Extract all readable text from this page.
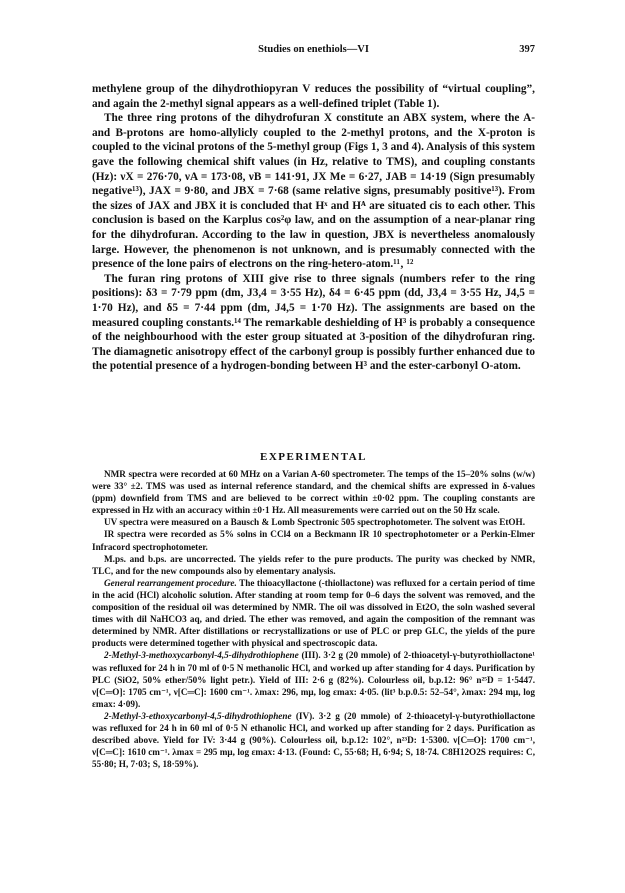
Studies on enethiols—VI	397

methylene group of the dihydrothiopyran V reduces the possibility of “virtual coupling”, and again the 2-methyl signal appears as a well-defined triplet (Table 1).

The three ring protons of the dihydrofuran X constitute an ABX system, where the A- and B-protons are homo-allylicly coupled to the 2-methyl protons, and the X-proton is coupled to the vicinal protons of the 5-methyl group (Figs 1, 3 and 4). Analysis of this system gave the following chemical shift values (in Hz, relative to TMS), and coupling constants (Hz): νX = 276·70, νA = 173·08, νB = 141·91, JX Me = 6·27, JAB = 14·19 (Sign presumably negative¹³), JAX = 9·80, and JBX = 7·68 (same relative signs, presumably positive¹³). From the sizes of JAX and JBX it is concluded that Hˣ and Hᴬ are situated cis to each other. This conclusion is based on the Karplus cos²φ law, and on the assumption of a near-planar ring for the dihydrofuran. According to the law in question, JBX is nevertheless anomalously large. However, the phenomenon is not unknown, and is presumably connected with the presence of the lone pairs of electrons on the ring-hetero-atom.¹¹‚ ¹²

The furan ring protons of XIII give rise to three signals (numbers refer to the ring positions): δ3 = 7·79 ppm (dm, J3,4 = 3·55 Hz), δ4 = 6·45 ppm (dd, J3,4 = 3·55 Hz, J4,5 = 1·70 Hz), and δ5 = 7·44 ppm (dm, J4,5 = 1·70 Hz). The assignments are based on the measured coupling constants.¹⁴ The remarkable deshielding of H³ is probably a consequence of the neighbourhood with the ester group situated at 3-position of the dihydrofuran ring. The diamagnetic anisotropy effect of the carbonyl group is possibly further enhanced due to the potential presence of a hydrogen-bonding between H³ and the ester-carbonyl O-atom.

EXPERIMENTAL

NMR spectra were recorded at 60 MHz on a Varian A-60 spectrometer. The temps of the 15–20% solns (w/w) were 33° ±2. TMS was used as internal reference standard, and the chemical shifts are expressed in δ-values (ppm) downfield from TMS and are believed to be correct within ±0·02 ppm. The coupling constants are expressed in Hz with an accuracy within ±0·1 Hz. All measurements were carried out on the 50 Hz scale.

UV spectra were measured on a Bausch & Lomb Spectronic 505 spectrophotometer. The solvent was EtOH.

IR spectra were recorded as 5% solns in CCl4 on a Beckmann IR 10 spectrophotometer or a Perkin-Elmer Infracord spectrophotometer.

M.ps. and b.ps. are uncorrected. The yields refer to the pure products. The purity was checked by NMR, TLC, and for the new compounds also by elementary analysis.

General rearrangement procedure. The thioacyllactone (-thiollactone) was refluxed for a certain period of time in the acid (HCl) alcoholic solution. After standing at room temp for 0–6 days the solvent was removed, and the composition of the residual oil was determined by NMR. The oil was dissolved in Et2O, the soln washed several times with dil NaHCO3 aq, and dried. The ether was removed, and again the composition of the remnant was determined by NMR. After distillations or recrystallizations or use of PLC or prep GLC, the yields of the pure products were determined together with physical and spectroscopic data.

2-Methyl-3-methoxycarbonyl-4,5-dihydrothiophene (III). 3·2 g (20 mmole) of 2-thioacetyl-γ-butyrothiollactone¹ was refluxed for 24 h in 70 ml of 0·5 N methanolic HCl, and worked up after standing for 4 days. Purification by PLC (SiO2, 50% ether/50% light petr.). Yield of III: 2·6 g (82%). Colourless oil, b.p.12: 96° n²⁵D = 1·5447. ν[C═O]: 1705 cm⁻¹, ν[C═C]: 1600 cm⁻¹. λmax: 296, mμ, log εmax: 4·05. (lit³ b.p.0.5: 52–54°, λmax: 294 mμ, log εmax: 4·09).

2-Methyl-3-ethoxycarbonyl-4,5-dihydrothiophene (IV). 3·2 g (20 mmole) of 2-thioacetyl-γ-butyrothiollactone was refluxed for 24 h in 60 ml of 0·5 N ethanolic HCl, and worked up after standing for 2 days. Purification as described above. Yield for IV: 3·44 g (90%). Colourless oil, b.p.12: 102°, n²³D: 1·5300. ν[C═O]: 1700 cm⁻¹, ν[C═C]: 1610 cm⁻¹. λmax = 295 mμ, log εmax: 4·13. (Found: C, 55·68; H, 6·94; S, 18·74. C8H12O2S requires: C, 55·80; H, 7·03; S, 18·59%).
